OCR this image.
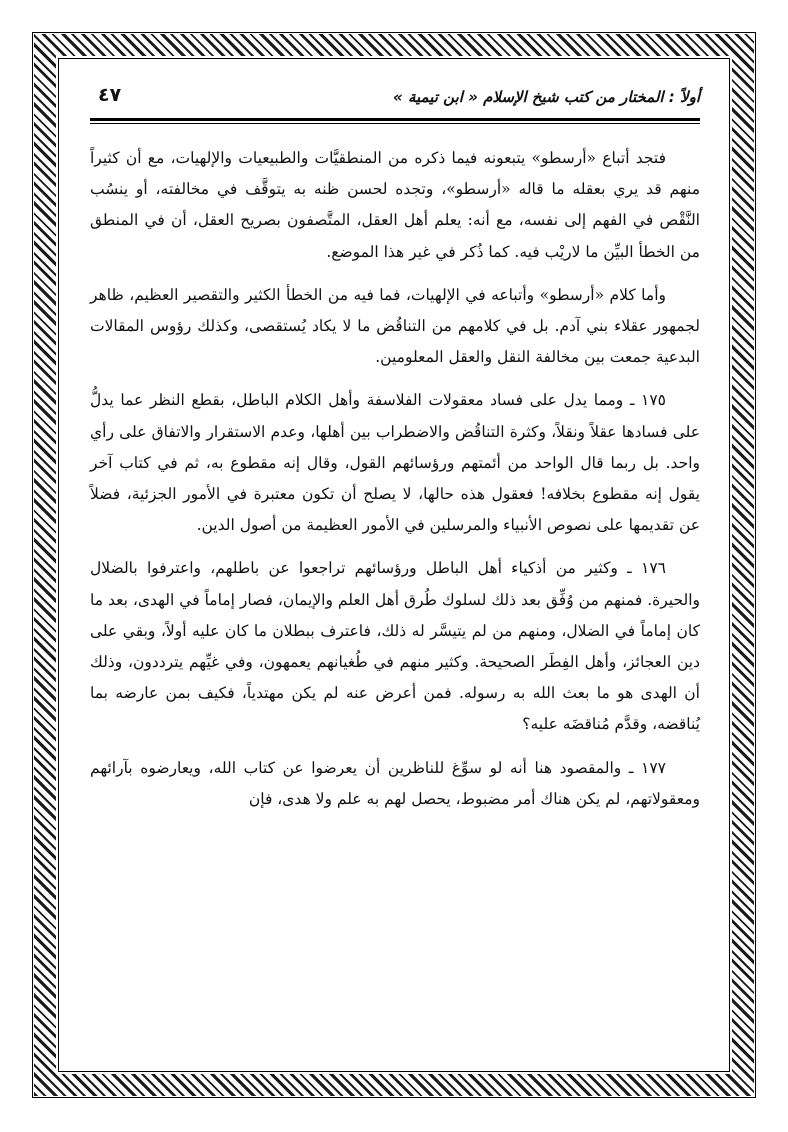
أولاً : المختار من كتب شيخ الإسلام « ابن تيمية »
٤٧

فتجد أتباع «أرسطو» يتبعونه فيما ذكره من المنطقيَّات والطبيعيات والإلهيات، مع أن كثيراً منهم قد يري بعقله ما قاله «أرسطو»، وتجده لحسن ظنه به يتوقَّف في مخالفته، أو ينسُب النَّقْص في الفهم إلى نفسه، مع أنه: يعلم أهل العقل، المتَّصفون بصريح العقل، أن في المنطق من الخطأ البيِّن ما لاريْب فيه. كما ذُكر في غير هذا الموضع.

وأما كلام «أرسطو» وأتباعه في الإلهيات، فما فيه من الخطأ الكثير والتقصير العظيم، ظاهر لجمهور عقلاء بني آدم. بل في كلامهم من التناقُض ما لا يكاد يُستقصى، وكذلك رؤوس المقالات البدعية جمعت بين مخالفة النقل والعقل المعلومين.

١٧٥ ـ ومما يدل على فساد معقولات الفلاسفة وأهل الكلام الباطل، بقطع النظر عما يدلُّ على فسادها عقلاً ونقلاً، وكثرة التناقُض والاضطراب بين أهلها، وعدم الاستقرار والاتفاق على رأي واحد. بل ربما قال الواحد من أئمتهم ورؤسائهم القول، وقال إنه مقطوع به، ثم في كتاب آخر يقول إنه مقطوع بخلافه! فعقول هذه حالها، لا يصلح أن تكون معتبرة في الأمور الجزئية، فضلاً عن تقديمها على نصوص الأنبياء والمرسلين في الأمور العظيمة من أصول الدين.

١٧٦ ـ وكثير من أذكياء أهل الباطل ورؤسائهم تراجعوا عن باطلهم، واعترفوا بالضلال والحيرة. فمنهم من وُفِّق بعد ذلك لسلوك طُرق أهل العلم والإيمان، فصار إماماً في الهدى، بعد ما كان إماماً في الضلال، ومنهم من لم يتيسَّر له ذلك، فاعترف ببطلان ما كان عليه أولاً، وبقي على دين العجائز، وأهل الفِطَر الصحيحة. وكثير منهم في طُغيانهم يعمهون، وفي غيِّهم يترددون، وذلك أن الهدى هو ما بعث الله به رسوله. فمن أعرض عنه لم يكن مهتدياً، فكيف بمن عارضه بما يُناقضه، وقدَّم مُناقضَه عليه؟

١٧٧ ـ والمقصود هنا أنه لو سوِّغ للناظرين أن يعرضوا عن كتاب الله، ويعارضوه بآرائهم ومعقولاتهم، لم يكن هناك أمر مضبوط، يحصل لهم به علم ولا هدى، فإن
